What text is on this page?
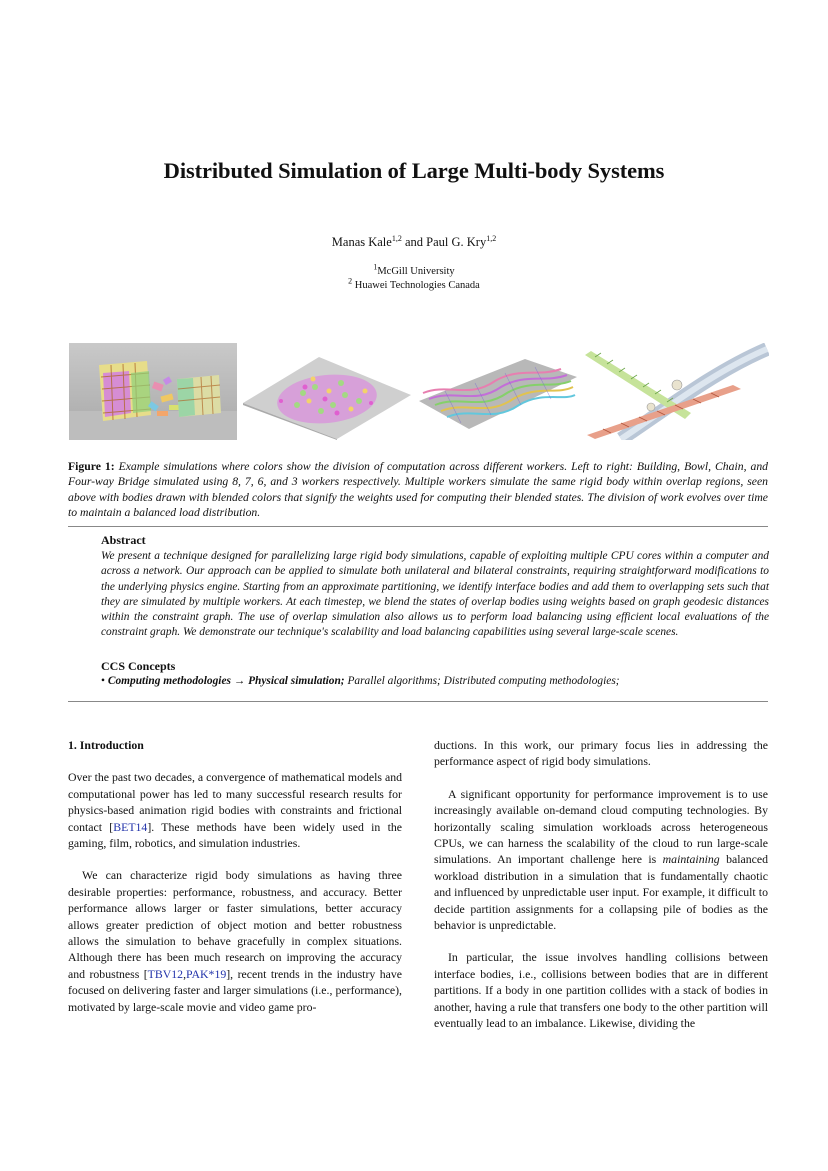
Distributed Simulation of Large Multi-body Systems
Manas Kale$^{1,2}$ and Paul G. Kry$^{1,2}$
$^1$McGill University
$^2$ Huawei Technologies Canada
Figure 1: Example simulations where colors show the division of computation across different workers. Left to right: Building, Bowl, Chain, and Four-way Bridge simulated using 8, 7, 6, and 3 workers respectively. Multiple workers simulate the same rigid body within overlap regions, seen above with bodies drawn with blended colors that signify the weights used for computing their blended states. The division of work evolves over time to maintain a balanced load distribution.
Abstract
We present a technique designed for parallelizing large rigid body simulations, capable of exploiting multiple CPU cores within a computer and across a network. Our approach can be applied to simulate both unilateral and bilateral constraints, requiring straightforward modifications to the underlying physics engine. Starting from an approximate partitioning, we identify interface bodies and add them to overlapping sets such that they are simulated by multiple workers. At each timestep, we blend the states of overlap bodies using weights based on graph geodesic distances within the constraint graph. The use of overlap simulation also allows us to perform load balancing using efficient local evaluations of the constraint graph. We demonstrate our technique's scalability and load balancing capabilities using several large-scale scenes.
CCS Concepts
• Computing methodologies → Physical simulation; Parallel algorithms; Distributed computing methodologies;
1. Introduction

Over the past two decades, a convergence of mathematical models and computational power has led to many successful research results for physics-based animation rigid bodies with constraints and frictional contact [BET14]. These methods have been widely used in the gaming, film, robotics, and simulation industries.

We can characterize rigid body simulations as having three desirable properties: performance, robustness, and accuracy. Better performance allows larger or faster simulations, better accuracy allows greater prediction of object motion and better robustness allows the simulation to behave gracefully in complex situations. Although there has been much research on improving the accuracy and robustness [TBV12,PAK*19], recent trends in the industry have focused on delivering faster and larger simulations (i.e., performance), motivated by large-scale movie and video game pro-

ductions. In this work, our primary focus lies in addressing the performance aspect of rigid body simulations.

A significant opportunity for performance improvement is to use increasingly available on-demand cloud computing technologies. By horizontally scaling simulation workloads across heterogeneous CPUs, we can harness the scalability of the cloud to run large-scale simulations. An important challenge here is maintaining balanced workload distribution in a simulation that is fundamentally chaotic and influenced by unpredictable user input. For example, it difficult to decide partition assignments for a collapsing pile of bodies as the behavior is unpredictable.

In particular, the issue involves handling collisions between interface bodies, i.e., collisions between bodies that are in different partitions. If a body in one partition collides with a stack of bodies in another, having a rule that transfers one body to the other partition will eventually lead to an imbalance. Likewise, dividing the
